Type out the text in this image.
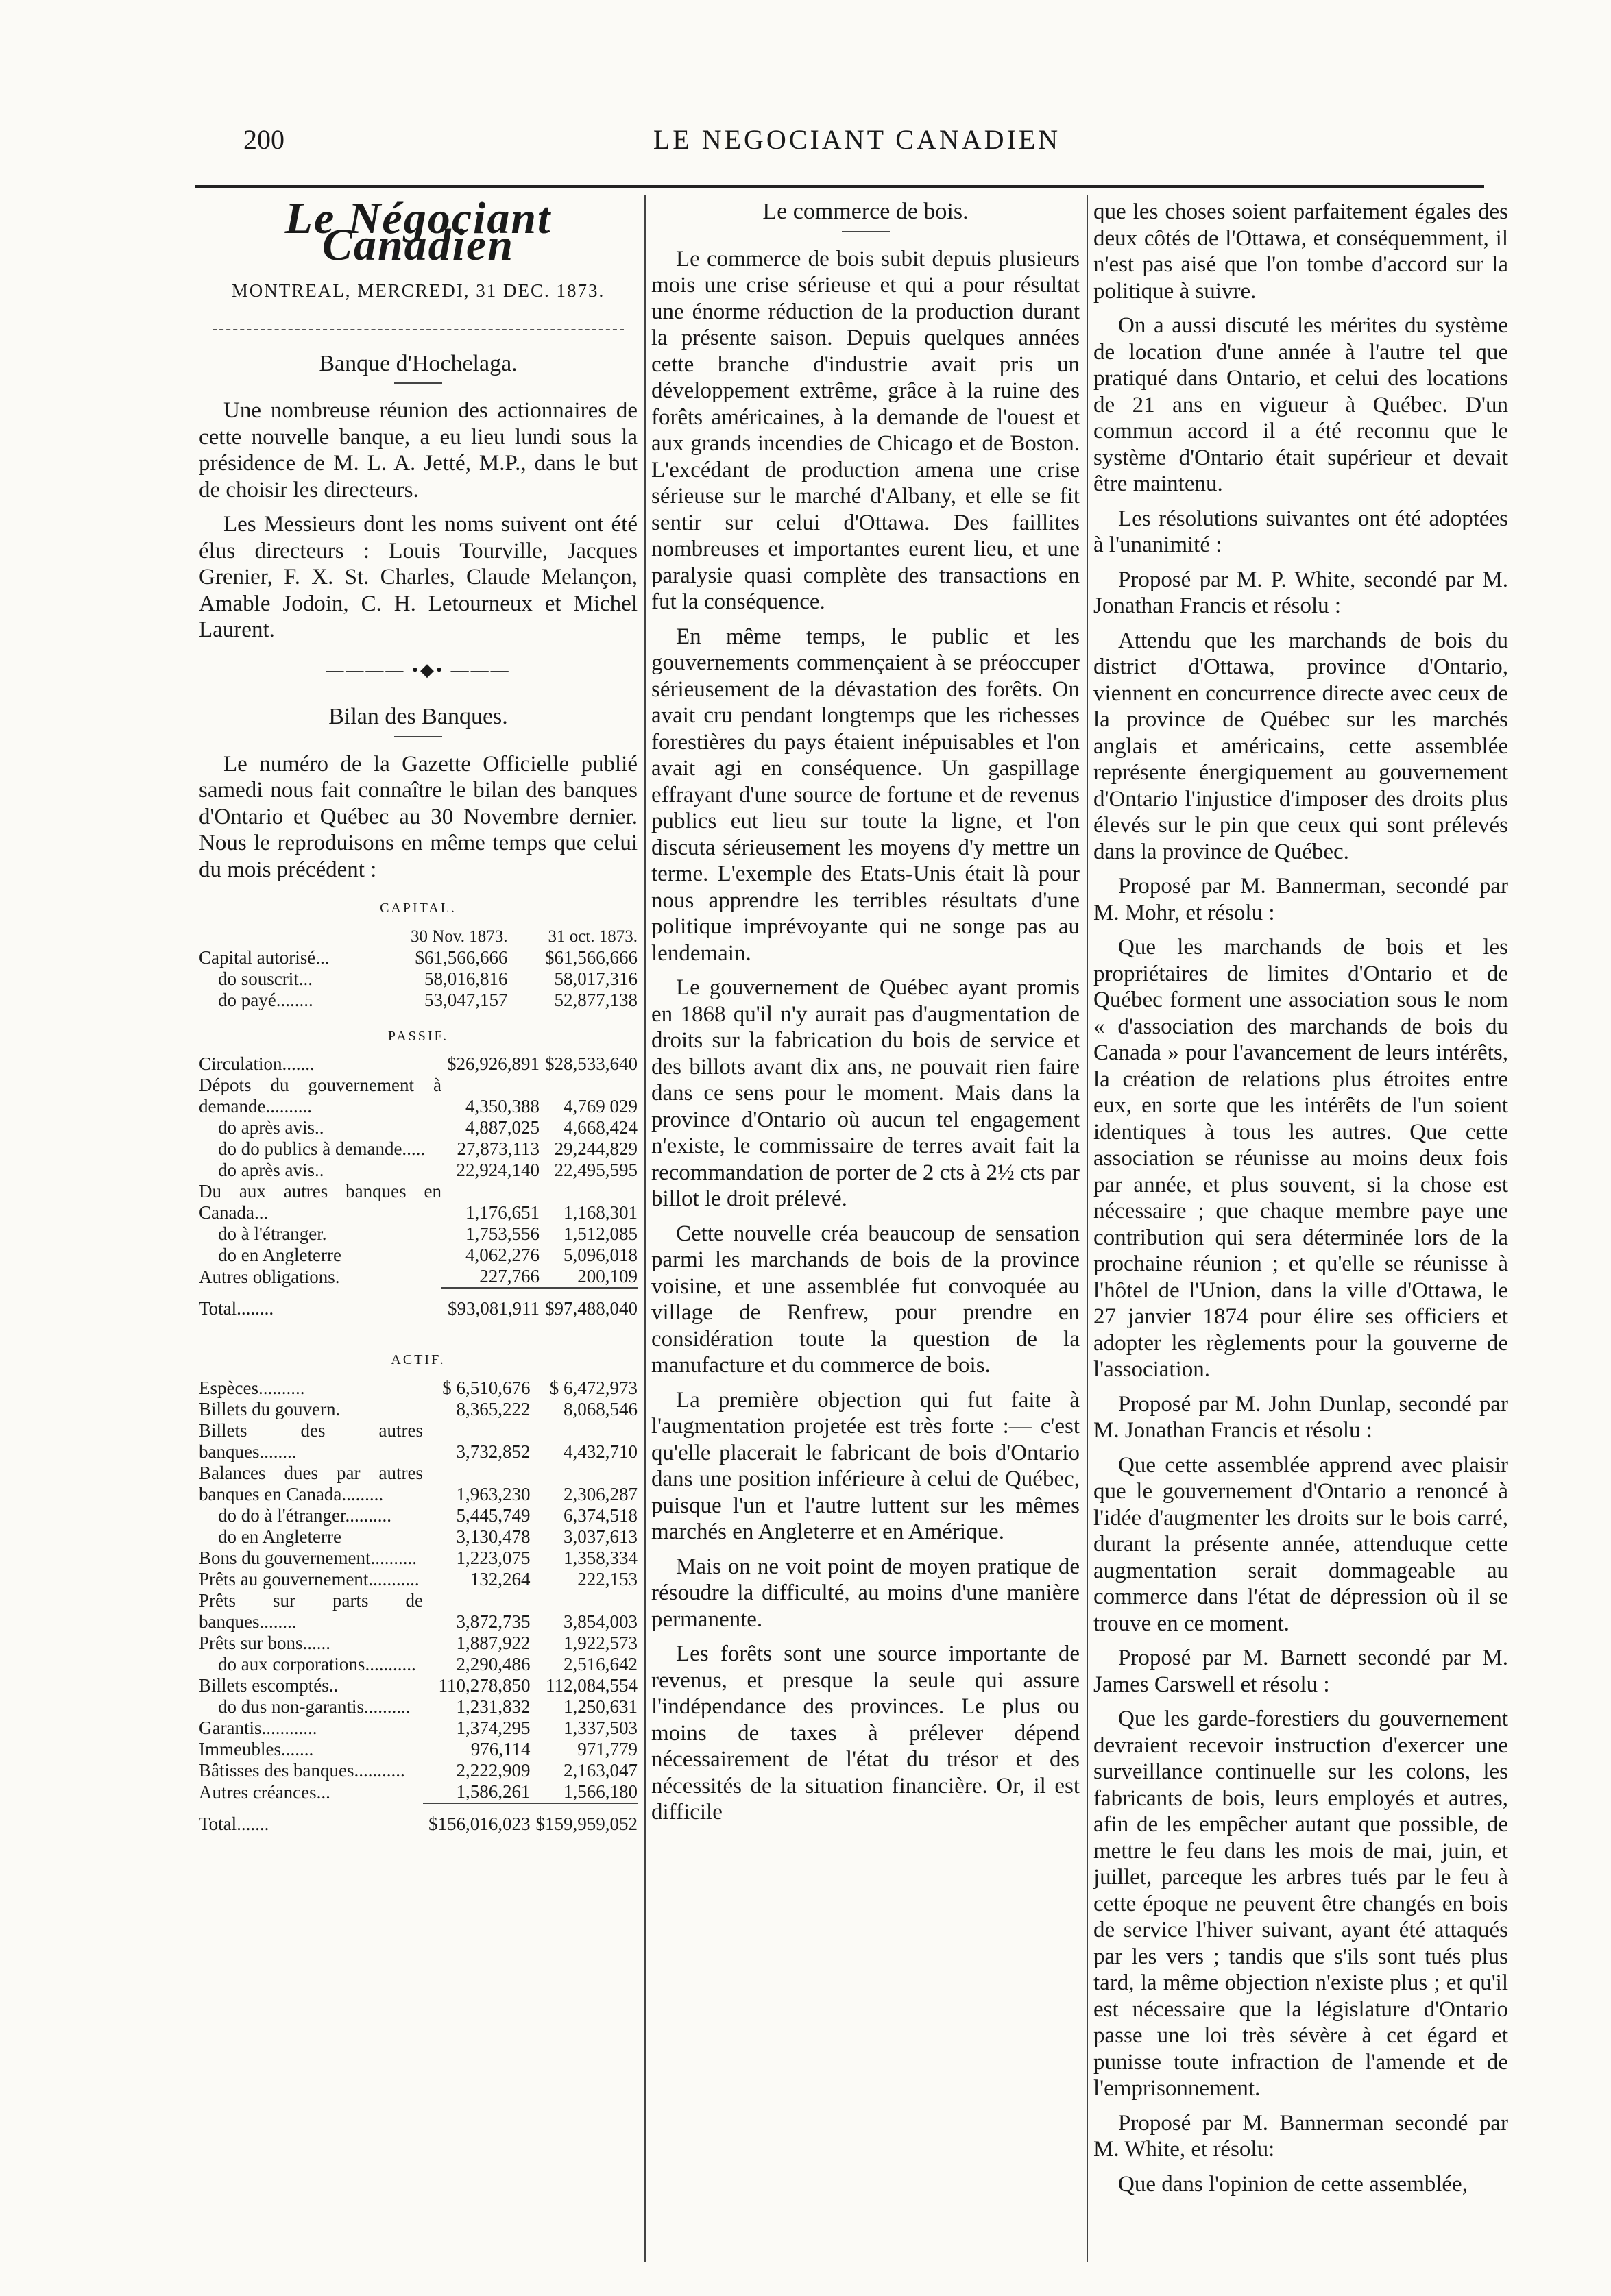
200	LE NEGOCIANT CANADIEN
Le Négociant Canadien
MONTREAL, MERCREDI, 31 DEC. 1873.
Banque d'Hochelaga.

Une nombreuse réunion des actionnaires de cette nouvelle banque, a eu lieu lundi sous la présidence de M. L. A. Jetté, M.P., dans le but de choisir les directeurs.

Les Messieurs dont les noms suivent ont été élus directeurs : Louis Tourville, Jacques Grenier, F. X. St. Charles, Claude Melançon, Amable Jodoin, C. H. Letourneux et Michel Laurent.

———— •◆• ———
Bilan des Banques.

Le numéro de la Gazette Officielle publié samedi nous fait connaître le bilan des banques d'Ontario et Québec au 30 Novembre dernier. Nous le reproduisons en même temps que celui du mois précédent :

CAPITAL.
	30 Nov. 1873.	31 oct. 1873.
Capital autorisé...	$61,566,666	$61,566,666
do souscrit...	58,016,816	58,017,316
do payé........	53,047,157	52,877,138
PASSIF.
Circulation.......	$26,926,891	$28,533,640
Dépots du gouvernement à demande..........	4,350,388	4,769 029
do après avis..	4,887,025	4,668,424
do do publics à demande.....	27,873,113	29,244,829
do après avis..	22,924,140	22,495,595
Du aux autres banques en Canada...	1,176,651	1,168,301
do à l'étranger.	1,753,556	1,512,085
do en Angleterre	4,062,276	5,096,018
Autres obligations.	227,766	200,109
Total........	$93,081,911	$97,488,040
ACTIF.
Espèces..........	$ 6,510,676	$ 6,472,973
Billets du gouvern.	8,365,222	8,068,546
Billets des autres banques........	3,732,852	4,432,710
Balances dues par autres banques en Canada.........	1,963,230	2,306,287
do do à l'étranger..........	5,445,749	6,374,518
do en Angleterre	3,130,478	3,037,613
Bons du gouvernement..........	1,223,075	1,358,334
Prêts au gouvernement...........	132,264	222,153
Prêts sur parts de banques........	3,872,735	3,854,003
Prêts sur bons......	1,887,922	1,922,573
do aux corporations...........	2,290,486	2,516,642
Billets escomptés..	110,278,850	112,084,554
do dus non-garantis..........	1,231,832	1,250,631
Garantis............	1,374,295	1,337,503
Immeubles.......	976,114	971,779
Bâtisses des banques...........	2,222,909	2,163,047
Autres créances...	1,586,261	1,566,180
Total.......	$156,016,023	$159,959,052
Le commerce de bois.

Le commerce de bois subit depuis plusieurs mois une crise sérieuse et qui a pour résultat une énorme réduction de la production durant la présente saison. Depuis quelques années cette branche d'industrie avait pris un développement extrême, grâce à la ruine des forêts américaines, à la demande de l'ouest et aux grands incendies de Chicago et de Boston. L'excédant de production amena une crise sérieuse sur le marché d'Albany, et elle se fit sentir sur celui d'Ottawa. Des faillites nombreuses et importantes eurent lieu, et une paralysie quasi complète des transactions en fut la conséquence.

En même temps, le public et les gouvernements commençaient à se préoccuper sérieusement de la dévastation des forêts. On avait cru pendant longtemps que les richesses forestières du pays étaient inépuisables et l'on avait agi en conséquence. Un gaspillage effrayant d'une source de fortune et de revenus publics eut lieu sur toute la ligne, et l'on discuta sérieusement les moyens d'y mettre un terme. L'exemple des Etats-Unis était là pour nous apprendre les terribles résultats d'une politique imprévoyante qui ne songe pas au lendemain.

Le gouvernement de Québec ayant promis en 1868 qu'il n'y aurait pas d'augmentation de droits sur la fabrication du bois de service et des billots avant dix ans, ne pouvait rien faire dans ce sens pour le moment. Mais dans la province d'Ontario où aucun tel engagement n'existe, le commissaire de terres avait fait la recommandation de porter de 2 cts à 2½ cts par billot le droit prélevé.

Cette nouvelle créa beaucoup de sensation parmi les marchands de bois de la province voisine, et une assemblée fut convoquée au village de Renfrew, pour prendre en considération toute la question de la manufacture et du commerce de bois.

La première objection qui fut faite à l'augmentation projetée est très forte :— c'est qu'elle placerait le fabricant de bois d'Ontario dans une position inférieure à celui de Québec, puisque l'un et l'autre luttent sur les mêmes marchés en Angleterre et en Amérique.

Mais on ne voit point de moyen pratique de résoudre la difficulté, au moins d'une manière permanente.

Les forêts sont une source importante de revenus, et presque la seule qui assure l'indépendance des provinces. Le plus ou moins de taxes à prélever dépend nécessairement de l'état du trésor et des nécessités de la situation financière. Or, il est difficile

que les choses soient parfaitement égales des deux côtés de l'Ottawa, et conséquemment, il n'est pas aisé que l'on tombe d'accord sur la politique à suivre.

On a aussi discuté les mérites du système de location d'une année à l'autre tel que pratiqué dans Ontario, et celui des locations de 21 ans en vigueur à Québec. D'un commun accord il a été reconnu que le système d'Ontario était supérieur et devait être maintenu.

Les résolutions suivantes ont été adoptées à l'unanimité :

Proposé par M. P. White, secondé par M. Jonathan Francis et résolu :

Attendu que les marchands de bois du district d'Ottawa, province d'Ontario, viennent en concurrence directe avec ceux de la province de Québec sur les marchés anglais et américains, cette assemblée représente énergiquement au gouvernement d'Ontario l'injustice d'imposer des droits plus élevés sur le pin que ceux qui sont prélevés dans la province de Québec.

Proposé par M. Bannerman, secondé par M. Mohr, et résolu :

Que les marchands de bois et les propriétaires de limites d'Ontario et de Québec forment une association sous le nom « d'association des marchands de bois du Canada » pour l'avancement de leurs intérêts, la création de relations plus étroites entre eux, en sorte que les intérêts de l'un soient identiques à tous les autres. Que cette association se réunisse au moins deux fois par année, et plus souvent, si la chose est nécessaire ; que chaque membre paye une contribution qui sera déterminée lors de la prochaine réunion ; et qu'elle se réunisse à l'hôtel de l'Union, dans la ville d'Ottawa, le 27 janvier 1874 pour élire ses officiers et adopter les règlements pour la gouverne de l'association.

Proposé par M. John Dunlap, secondé par M. Jonathan Francis et résolu :

Que cette assemblée apprend avec plaisir que le gouvernement d'Ontario a renoncé à l'idée d'augmenter les droits sur le bois carré, durant la présente année, attenduque cette augmentation serait dommageable au commerce dans l'état de dépression où il se trouve en ce moment.

Proposé par M. Barnett secondé par M. James Carswell et résolu :

Que les garde-forestiers du gouvernement devraient recevoir instruction d'exercer une surveillance continuelle sur les colons, les fabricants de bois, leurs employés et autres, afin de les empêcher autant que possible, de mettre le feu dans les mois de mai, juin, et juillet, parceque les arbres tués par le feu à cette époque ne peuvent être changés en bois de service l'hiver suivant, ayant été attaqués par les vers ; tandis que s'ils sont tués plus tard, la même objection n'existe plus ; et qu'il est nécessaire que la législature d'Ontario passe une loi très sévère à cet égard et punisse toute infraction de l'amende et de l'emprisonnement.

Proposé par M. Bannerman secondé par M. White, et résolu:

Que dans l'opinion de cette assemblée,
